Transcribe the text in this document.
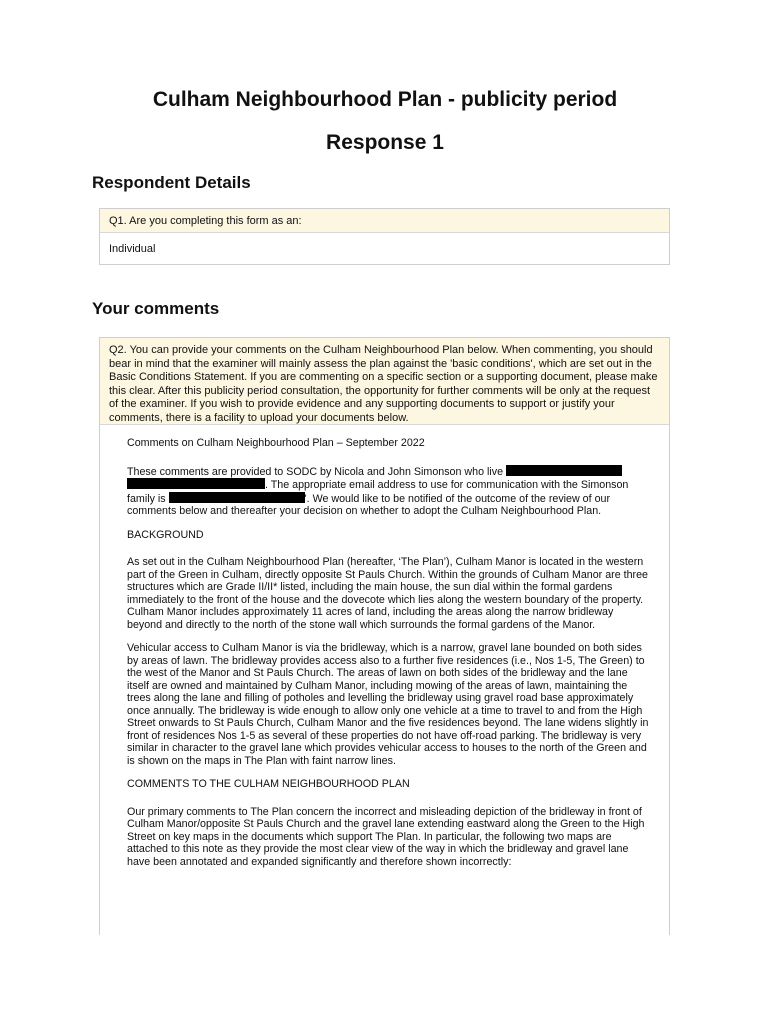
Culham Neighbourhood Plan - publicity period
Response 1
Respondent Details
Q1. Are you completing this form as an:
Individual
Your comments
Q2. You can provide your comments on the Culham Neighbourhood Plan below. When commenting, you should bear in mind that the examiner will mainly assess the plan against the 'basic conditions', which are set out in the Basic Conditions Statement. If you are commenting on a specific section or a supporting document, please make this clear. After this publicity period consultation, the opportunity for further comments will be only at the request of the examiner. If you wish to provide evidence and any supporting documents to support or justify your comments, there is a facility to upload your documents below.

Comments on Culham Neighbourhood Plan – September 2022

These comments are provided to SODC by Nicola and John Simonson who live
. The appropriate email address to use for communication with the Simonson family is	'. We would like to be notified of the outcome of the review of our comments below and thereafter your decision on whether to adopt the Culham Neighbourhood Plan.

BACKGROUND

As set out in the Culham Neighbourhood Plan (hereafter, ‘The Plan’), Culham Manor is located in the western part of the Green in Culham, directly opposite St Pauls Church. Within the grounds of Culham Manor are three structures which are Grade II/II* listed, including the main house, the sun dial within the formal gardens immediately to the front of the house and the dovecote which lies along the western boundary of the property. Culham Manor includes approximately 11 acres of land, including the areas along the narrow bridleway beyond and directly to the north of the stone wall which surrounds the formal gardens of the Manor.

Vehicular access to Culham Manor is via the bridleway, which is a narrow, gravel lane bounded on both sides by areas of lawn. The bridleway provides access also to a further five residences (i.e., Nos 1-5, The Green) to the west of the Manor and St Pauls Church. The areas of lawn on both sides of the bridleway and the lane itself are owned and maintained by Culham Manor, including mowing of the areas of lawn, maintaining the trees along the lane and filling of potholes and levelling the bridleway using gravel road base approximately once annually. The bridleway is wide enough to allow only one vehicle at a time to travel to and from the High Street onwards to St Pauls Church, Culham Manor and the five residences beyond. The lane widens slightly in front of residences Nos 1-5 as several of these properties do not have off-road parking. The bridleway is very similar in character to the gravel lane which provides vehicular access to houses to the north of the Green and is shown on the maps in The Plan with faint narrow lines.

COMMENTS TO THE CULHAM NEIGHBOURHOOD PLAN

Our primary comments to The Plan concern the incorrect and misleading depiction of the bridleway in front of Culham Manor/opposite St Pauls Church and the gravel lane extending eastward along the Green to the High Street on key maps in the documents which support The Plan. In particular, the following two maps are attached to this note as they provide the most clear view of the way in which the bridleway and gravel lane have been annotated and expanded significantly and therefore shown incorrectly:
